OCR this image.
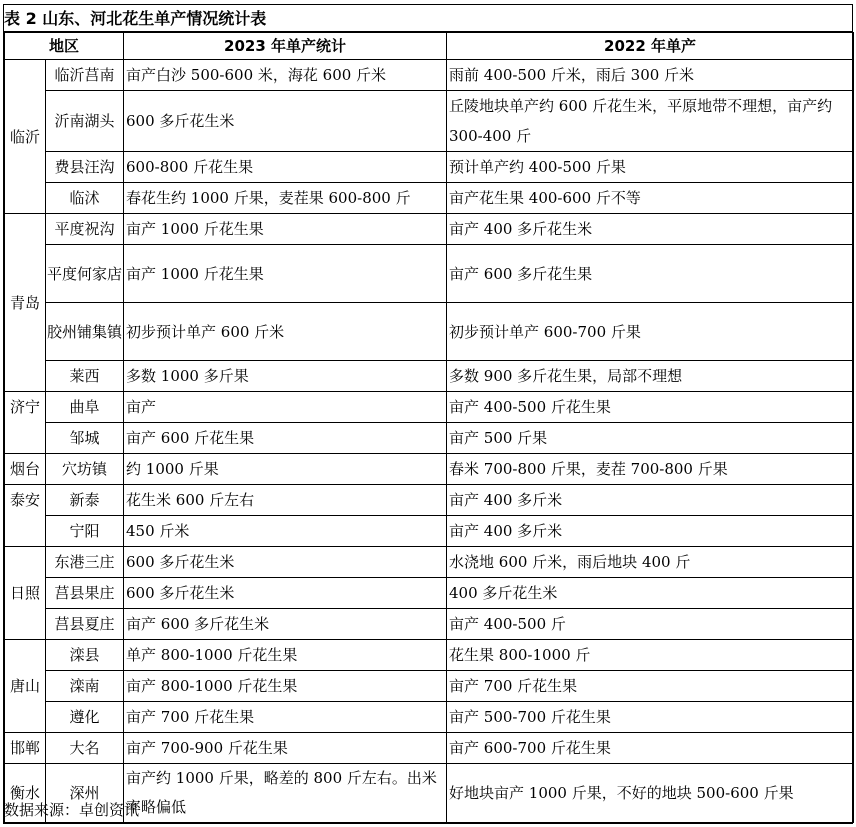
表 2 山东、河北花生单产情况统计表
地区		2023 年单产统计	2022 年单产
临沂	临沂莒南	亩产白沙 500-600 米，海花 600 斤米	雨前 400-500 斤米，雨后 300 斤米
	沂南湖头	600 多斤花生米	丘陵地块单产约 600 斤花生米，平原地带不理想，亩产约 300-400 斤
	费县汪沟	600-800 斤花生果	预计单产约 400-500 斤果
	临沭	春花生约 1000 斤果，麦茬果 600-800 斤	亩产花生果 400-600 斤不等
青岛	平度祝沟	亩产 1000 斤花生果	亩产 400 多斤花生米
	平度何家店	亩产 1000 斤花生果	亩产 600 多斤花生果
	胶州铺集镇	初步预计单产 600 斤米	初步预计单产 600-700 斤果
	莱西	多数 1000 多斤果	多数 900 多斤花生果，局部不理想
济宁	曲阜	亩产	亩产 400-500 斤花生果
	邹城	亩产 600 斤花生果	亩产 500 斤果
烟台	穴坊镇	约 1000 斤果	春米 700-800 斤果，麦茬 700-800 斤果
泰安	新泰	花生米 600 斤左右	亩产 400 多斤米
	宁阳	450 斤米	亩产 400 多斤米
日照	东港三庄	600 多斤花生米	水浇地 600 斤米，雨后地块 400 斤
	莒县果庄	600 多斤花生米	400 多斤花生米
	莒县夏庄	亩产 600 多斤花生米	亩产 400-500 斤
唐山	滦县	单产 800-1000 斤花生果	花生果 800-1000 斤
	滦南	亩产 800-1000 斤花生果	亩产 700 斤花生果
	遵化	亩产 700 斤花生果	亩产 500-700 斤花生果
邯郸	大名	亩产 700-900 斤花生果	亩产 600-700 斤花生果
衡水	深州	亩产约 1000 斤果，略差的 800 斤左右。出米率略偏低	好地块亩产 1000 斤果，不好的地块 500-600 斤果
数据来源：卓创资讯
